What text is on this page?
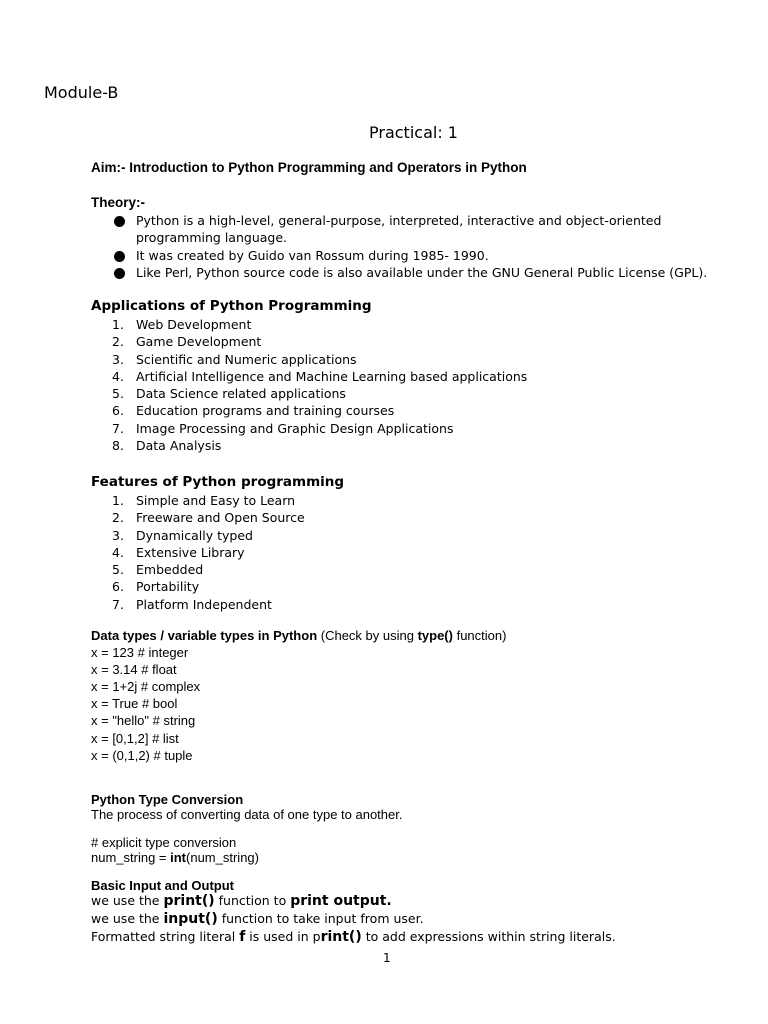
Module-B
Practical: 1
Aim:- Introduction to Python Programming and Operators in Python
Theory:-
Python is a high-level, general-purpose, interpreted, interactive and object-oriented programming language.
It was created by Guido van Rossum during 1985- 1990.
Like Perl, Python source code is also available under the GNU General Public License (GPL).
Applications of Python Programming
1. Web Development
2. Game Development
3. Scientific and Numeric applications
4. Artificial Intelligence and Machine Learning based applications
5. Data Science related applications
6. Education programs and training courses
7. Image Processing and Graphic Design Applications
8. Data Analysis
Features of Python programming
1. Simple and Easy to Learn
2. Freeware and Open Source
3. Dynamically typed
4. Extensive Library
5. Embedded
6. Portability
7. Platform Independent
Data types / variable types in Python (Check by using type() function)
x = 123 # integer
x = 3.14 # float
x = 1+2j # complex
x = True # bool
x = "hello" # string
x = [0,1,2] # list
x = (0,1,2) # tuple
Python Type Conversion
The process of converting data of one type to another.
# explicit type conversion
num_string = int(num_string)
Basic Input and Output
we use the print() function to print output.
we use the input() function to take input from user.
Formatted string literal f is used in print() to add expressions within string literals.
1
